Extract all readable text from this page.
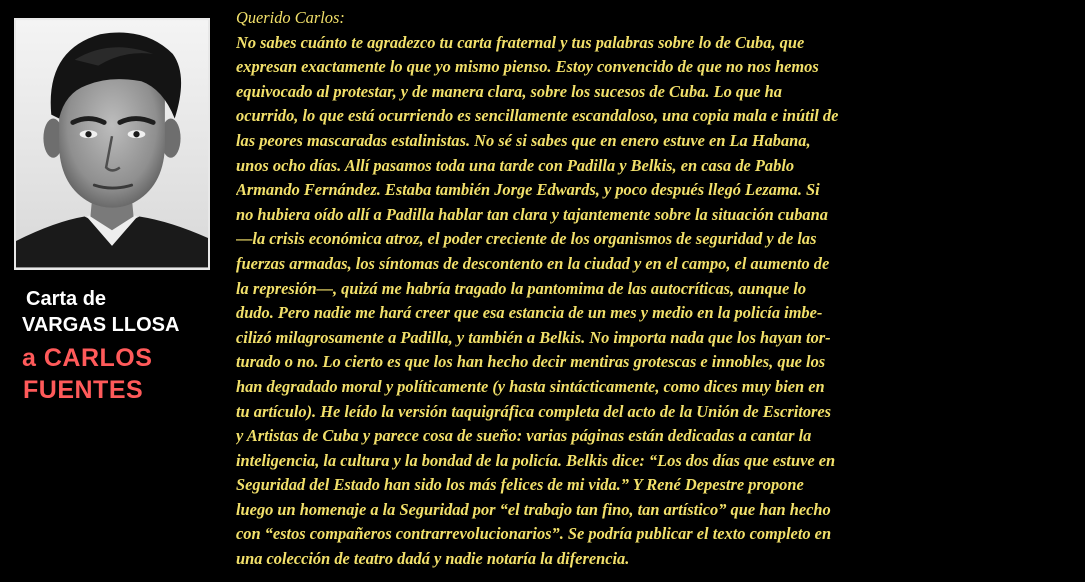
Carta de
VARGAS LLOSA
a CARLOS
FUENTES
Querido Carlos:
No sabes cuánto te agradezco tu carta fraternal y tus palabras sobre lo de Cuba, que
expresan exactamente lo que yo mismo pienso. Estoy convencido de que no nos hemos
equivocado al protestar, y de manera clara, sobre los sucesos de Cuba. Lo que ha
ocurrido, lo que está ocurriendo es sencillamente escandaloso, una copia mala e inútil de
las peores mascaradas estalinistas. No sé si sabes que en enero estuve en La Habana,
unos ocho días. Allí pasamos toda una tarde con Padilla y Belkis, en casa de Pablo
Armando Fernández. Estaba también Jorge Edwards, y poco después llegó Lezama. Si
no hubiera oído allí a Padilla hablar tan clara y tajantemente sobre la situación cubana
—la crisis económica atroz, el poder creciente de los organismos de seguridad y de las
fuerzas armadas, los síntomas de descontento en la ciudad y en el campo, el aumento de
la represión—, quizá me habría tragado la pantomima de las autocríticas, aunque lo
dudo. Pero nadie me hará creer que esa estancia de un mes y medio en la policía imbe-
cilizó milagrosamente a Padilla, y también a Belkis. No importa nada que los hayan tor-
turado o no. Lo cierto es que los han hecho decir mentiras grotescas e innobles, que los
han degradado moral y políticamente (y hasta sintácticamente, como dices muy bien en
tu artículo). He leído la versión taquigráfica completa del acto de la Unión de Escritores
y Artistas de Cuba y parece cosa de sueño: varias páginas están dedicadas a cantar la
inteligencia, la cultura y la bondad de la policía. Belkis dice: “Los dos días que estuve en
Seguridad del Estado han sido los más felices de mi vida.” Y René Depestre propone
luego un homenaje a la Seguridad por “el trabajo tan fino, tan artístico” que han hecho
con “estos compañeros contrarrevolucionarios”. Se podría publicar el texto completo en
una colección de teatro dadá y nadie notaría la diferencia.
